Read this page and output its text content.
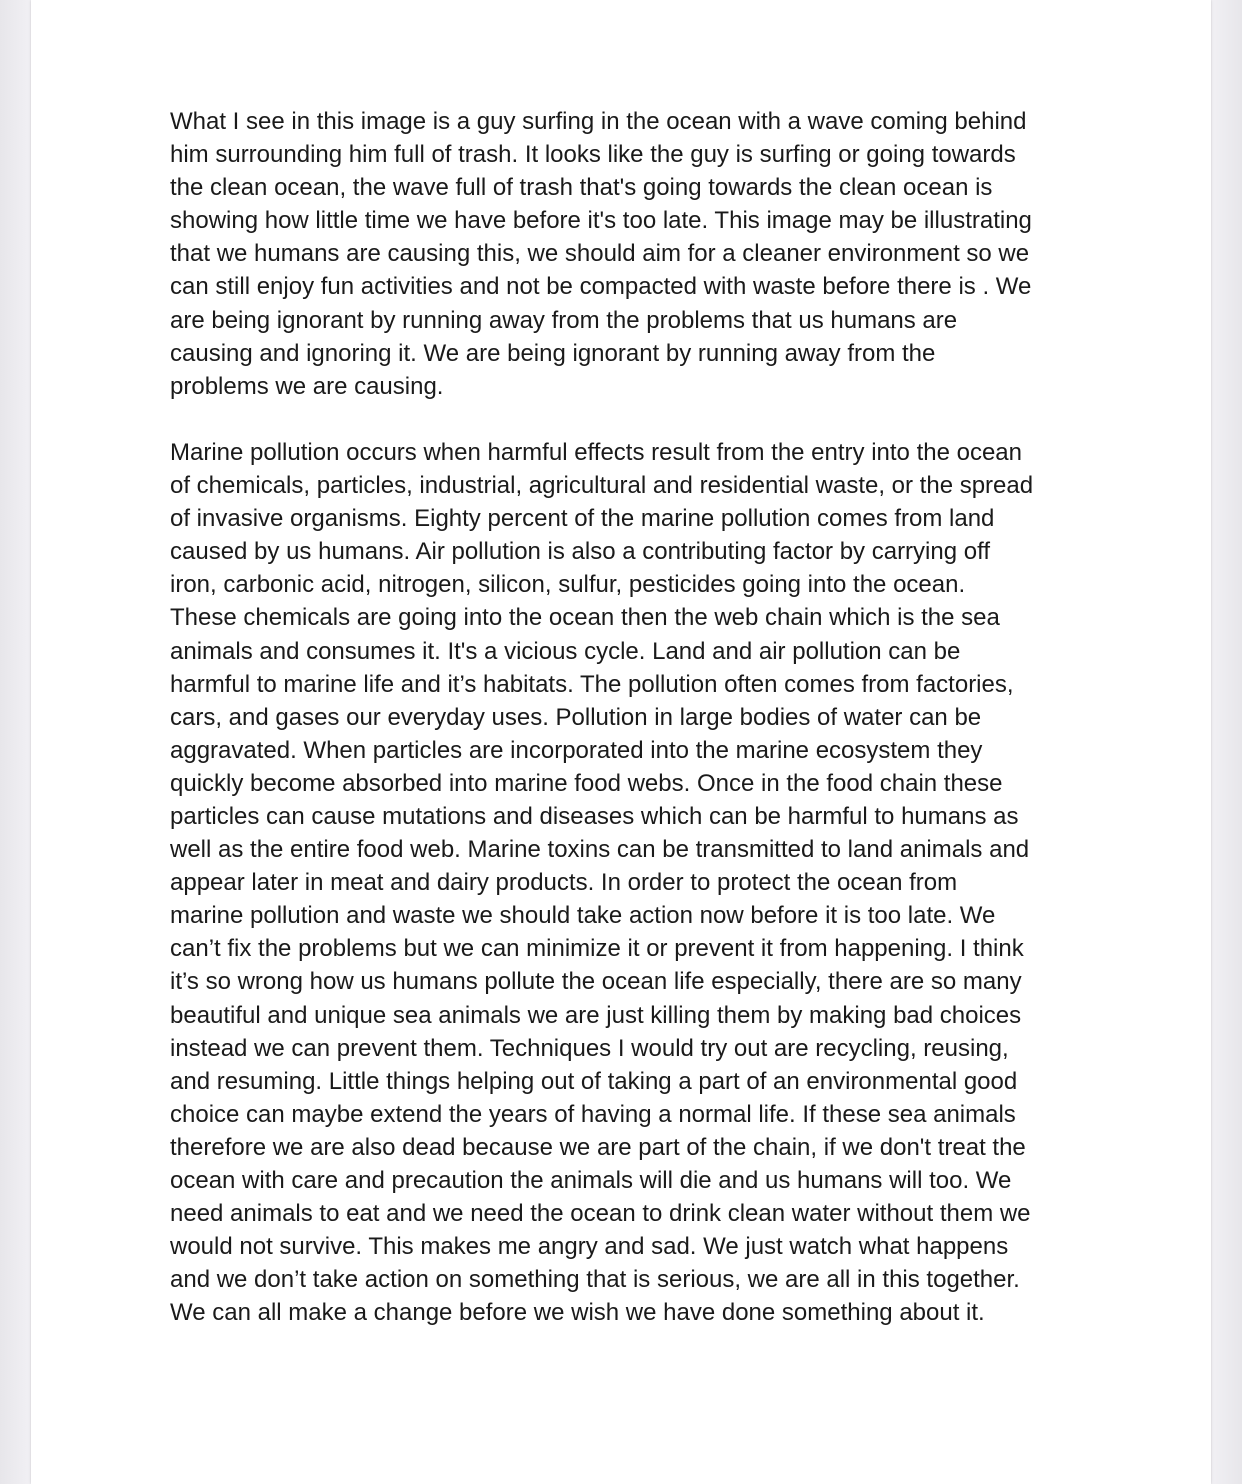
What I see in this image is a guy surfing in the ocean with a wave coming behind

him surrounding him full of trash. It looks like the guy is surfing or going towards

the clean ocean, the wave full of trash that's going towards the clean ocean is

showing how little time we have before it's too late. This image may be illustrating

that we humans are causing this, we should aim for a cleaner environment so we

can still enjoy fun activities and not be compacted with waste before there is . We

are being ignorant by running away from the problems that us humans are

causing and ignoring it. We are being ignorant by running away from the

problems we are causing.

Marine pollution occurs when harmful effects result from the entry into the ocean

of chemicals, particles, industrial, agricultural and residential waste, or the spread

of invasive organisms. Eighty percent of the marine pollution comes from land

caused by us humans. Air pollution is also a contributing factor by carrying off

iron, carbonic acid, nitrogen, silicon, sulfur, pesticides going into the ocean.

These chemicals are going into the ocean then the web chain which is the sea

animals and consumes it. It's a vicious cycle. Land and air pollution can be

harmful to marine life and it’s habitats. The pollution often comes from factories,

cars, and gases our everyday uses. Pollution in large bodies of water can be

aggravated. When particles are incorporated into the marine ecosystem they

quickly become absorbed into marine food webs. Once in the food chain these

particles can cause mutations and diseases which can be harmful to humans as

well as the entire food web. Marine toxins can be transmitted to land animals and

appear later in meat and dairy products. In order to protect the ocean from

marine pollution and waste we should take action now before it is too late. We

can’t fix the problems but we can minimize it or prevent it from happening. I think

it’s so wrong how us humans pollute the ocean life especially, there are so many

beautiful and unique sea animals we are just killing them by making bad choices

instead we can prevent them. Techniques I would try out are recycling, reusing,

and resuming. Little things helping out of taking a part of an environmental good

choice can maybe extend the years of having a normal life. If these sea animals

therefore we are also dead because we are part of the chain, if we don't treat the

ocean with care and precaution the animals will die and us humans will too. We

need animals to eat and we need the ocean to drink clean water without them we

would not survive. This makes me angry and sad. We just watch what happens

and we don’t take action on something that is serious, we are all in this together.

We can all make a change before we wish we have done something about it.
